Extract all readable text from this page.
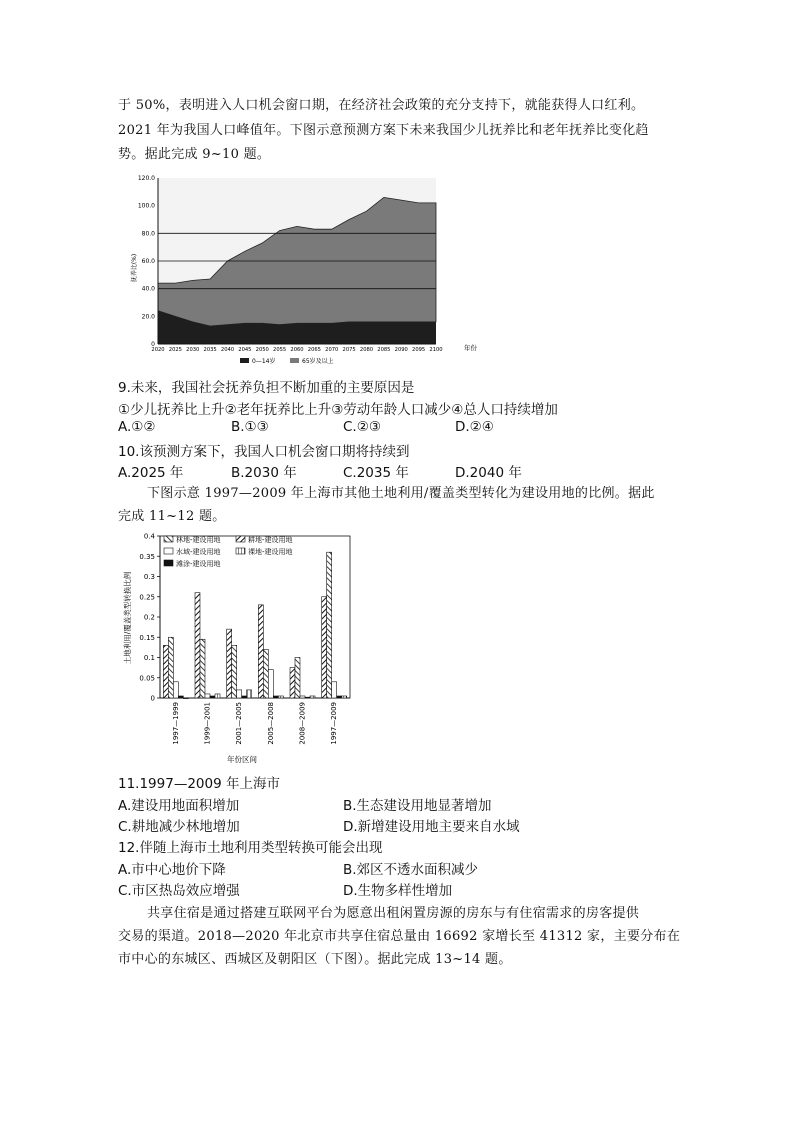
于 50%，表明进入人口机会窗口期，在经济社会政策的充分支持下，就能获得人口红利。
2021 年为我国人口峰值年。下图示意预测方案下未来我国少儿抚养比和老年抚养比变化趋
势。据此完成 9~10 题。
0
20.0
40.0
60.0
80.0
100.0
120.0
2020 2025 2030 2035 2040 2045 2050 2055 2060 2065 2070 2075 2080 2085 2090 2095 2100
抚养比(%)
年份
0—14岁	65岁及以上
9.未来，我国社会抚养负担不断加重的主要原因是
①少儿抚养比上升②老年抚养比上升③劳动年龄人口减少④总人口持续增加
A.①②	B.①③	C.②③	D.②④
10.该预测方案下，我国人口机会窗口期将持续到
A.2025 年	B.2030 年	C.2035 年	D.2040 年
下图示意 1997—2009 年上海市其他土地利用/覆盖类型转化为建设用地的比例。据此
完成 11~12 题。
0
0.05
0.1
0.15
0.2
0.25
0.3
0.35
0.4
1997—1999	1999—2001	2001—2005	2005—2008	2008—2009	1997—2009
土地利用/覆盖类型转换比例
年份区间
林地-建设用地	耕地-建设用地
水域-建设用地	裸地-建设用地
滩涂-建设用地
11.1997—2009 年上海市
A.建设用地面积增加	B.生态建设用地显著增加
C.耕地减少林地增加	D.新增建设用地主要来自水域
12.伴随上海市土地利用类型转换可能会出现
A.市中心地价下降	B.郊区不透水面积减少
C.市区热岛效应增强	D.生物多样性增加
共享住宿是通过搭建互联网平台为愿意出租闲置房源的房东与有住宿需求的房客提供
交易的渠道。2018—2020 年北京市共享住宿总量由 16692 家增长至 41312 家，主要分布在
市中心的东城区、西城区及朝阳区（下图）。据此完成 13~14 题。
